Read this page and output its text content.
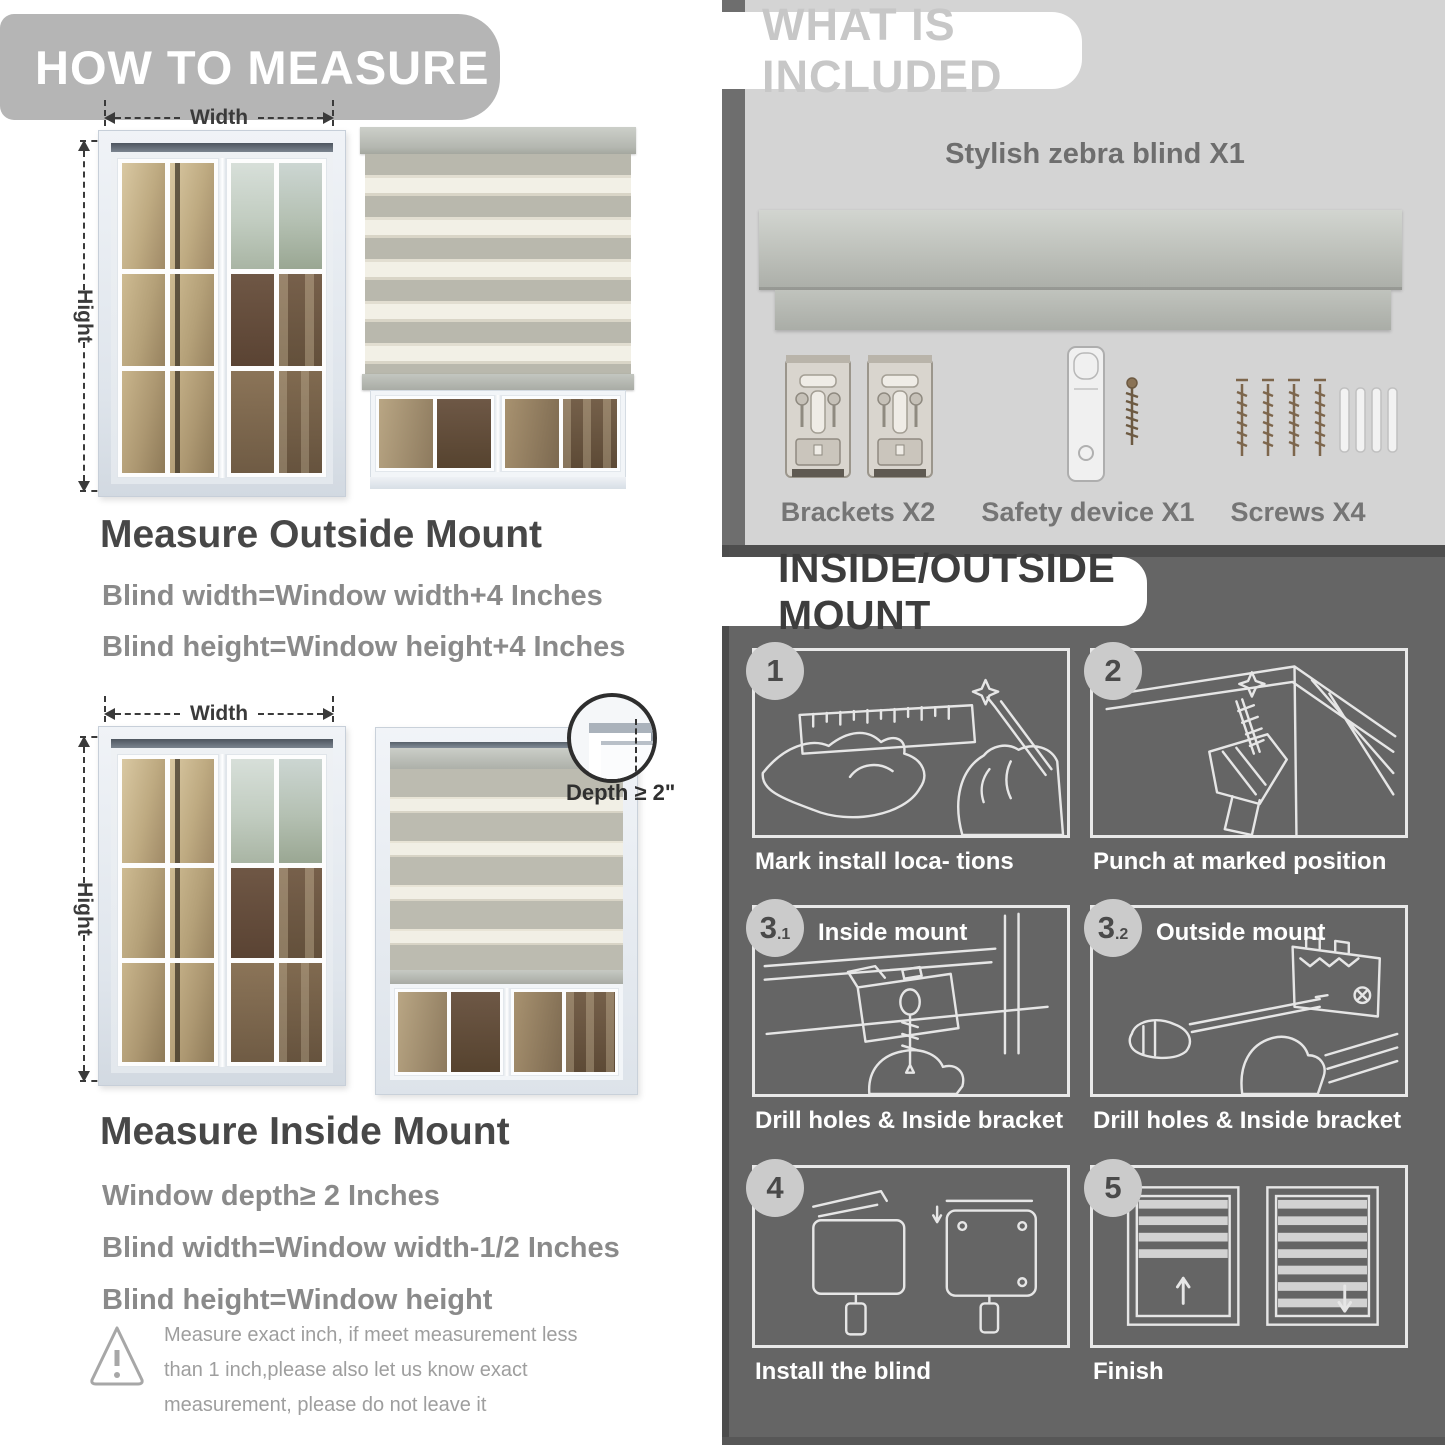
HOW TO MEASURE
Width
Hight
Measure Outside Mount
Blind width=Window width+4 Inches
Blind height=Window height+4 Inches
Width
Hight
Depth ≥ 2"
Measure Inside Mount
Window depth≥ 2 Inches
Blind width=Window width-1/2 Inches
Blind height=Window height
Measure exact inch, if meet measurement less than 1 inch,please also let us know exact measurement, please do not leave it
WHAT IS INCLUDED
Stylish zebra blind X1
Brackets X2 Safety device X1 Screws X4
INSIDE/OUTSIDE MOUNT
1
Mark install loca- tions
2
Punch at marked position
3 .1 Inside mount
Drill holes & Inside bracket
3 .2 Outside mount
Drill holes & Inside bracket
4
Install the blind
5
Finish
